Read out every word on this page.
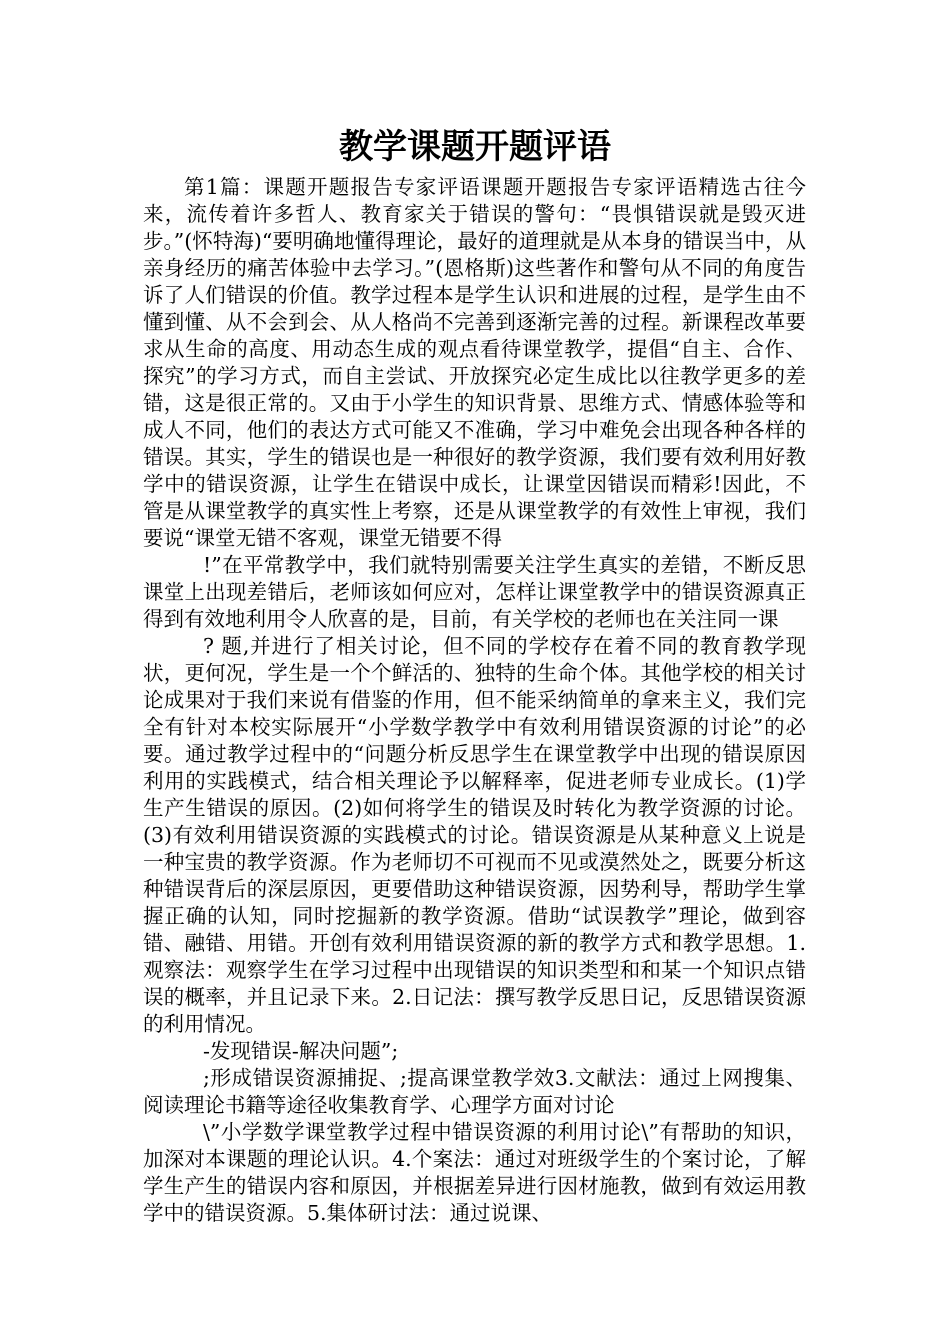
教学课题开题评语

第1篇：课题开题报告专家评语课题开题报告专家评语精选古往今来，流传着许多哲人、教育家关于错误的警句：“畏惧错误就是毁灭进步。”(怀特海)“要明确地懂得理论，最好的道理就是从本身的错误当中，从亲身经历的痛苦体验中去学习。”(恩格斯)这些著作和警句从不同的角度告诉了人们错误的价值。教学过程本是学生认识和进展的过程，是学生由不懂到懂、从不会到会、从人格尚不完善到逐渐完善的过程。新课程改革要求从生命的高度、用动态生成的观点看待课堂教学，提倡“自主、合作、探究”的学习方式，而自主尝试、开放探究必定生成比以往教学更多的差错，这是很正常的。又由于小学生的知识背景、思维方式、情感体验等和成人不同，他们的表达方式可能又不准确，学习中难免会出现各种各样的错误。其实，学生的错误也是一种很好的教学资源，我们要有效利用好教学中的错误资源，让学生在错误中成长，让课堂因错误而精彩!因此，不管是从课堂教学的真实性上考察，还是从课堂教学的有效性上审视，我们要说“课堂无错不客观，课堂无错要不得

!”在平常教学中，我们就特别需要关注学生真实的差错，不断反思课堂上出现差错后，老师该如何应对，怎样让课堂教学中的错误资源真正得到有效地利用令人欣喜的是，目前，有关学校的老师也在关注同一课

? 题,并进行了相关讨论，但不同的学校存在着不同的教育教学现状，更何况，学生是一个个鲜活的、独特的生命个体。其他学校的相关讨论成果对于我们来说有借鉴的作用，但不能采纳简单的拿来主义，我们完全有针对本校实际展开“小学数学教学中有效利用错误资源的讨论”的必要。通过教学过程中的“问题分析反思学生在课堂教学中出现的错误原因利用的实践模式，结合相关理论予以解释率，促进老师专业成长。(1)学生产生错误的原因。(2)如何将学生的错误及时转化为教学资源的讨论。(3)有效利用错误资源的实践模式的讨论。错误资源是从某种意义上说是一种宝贵的教学资源。作为老师切不可视而不见或漠然处之，既要分析这种错误背后的深层原因，更要借助这种错误资源，因势利导，帮助学生掌握正确的认知，同时挖掘新的教学资源。借助“试误教学”理论，做到容错、融错、用错。开创有效利用错误资源的新的教学方式和教学思想。1.观察法：观察学生在学习过程中出现错误的知识类型和和某一个知识点错误的概率，并且记录下来。2.日记法：撰写教学反思日记，反思错误资源的利用情况。

-发现错误-解决问题”;

;形成错误资源捕捉、;提高课堂教学效3.文献法：通过上网搜集、阅读理论书籍等途径收集教育学、心理学方面对讨论

\”小学数学课堂教学过程中错误资源的利用讨论\”有帮助的知识，加深对本课题的理论认识。4.个案法：通过对班级学生的个案讨论，了解学生产生的错误内容和原因，并根据差异进行因材施教，做到有效运用教学中的错误资源。5.集体研讨法：通过说课、
